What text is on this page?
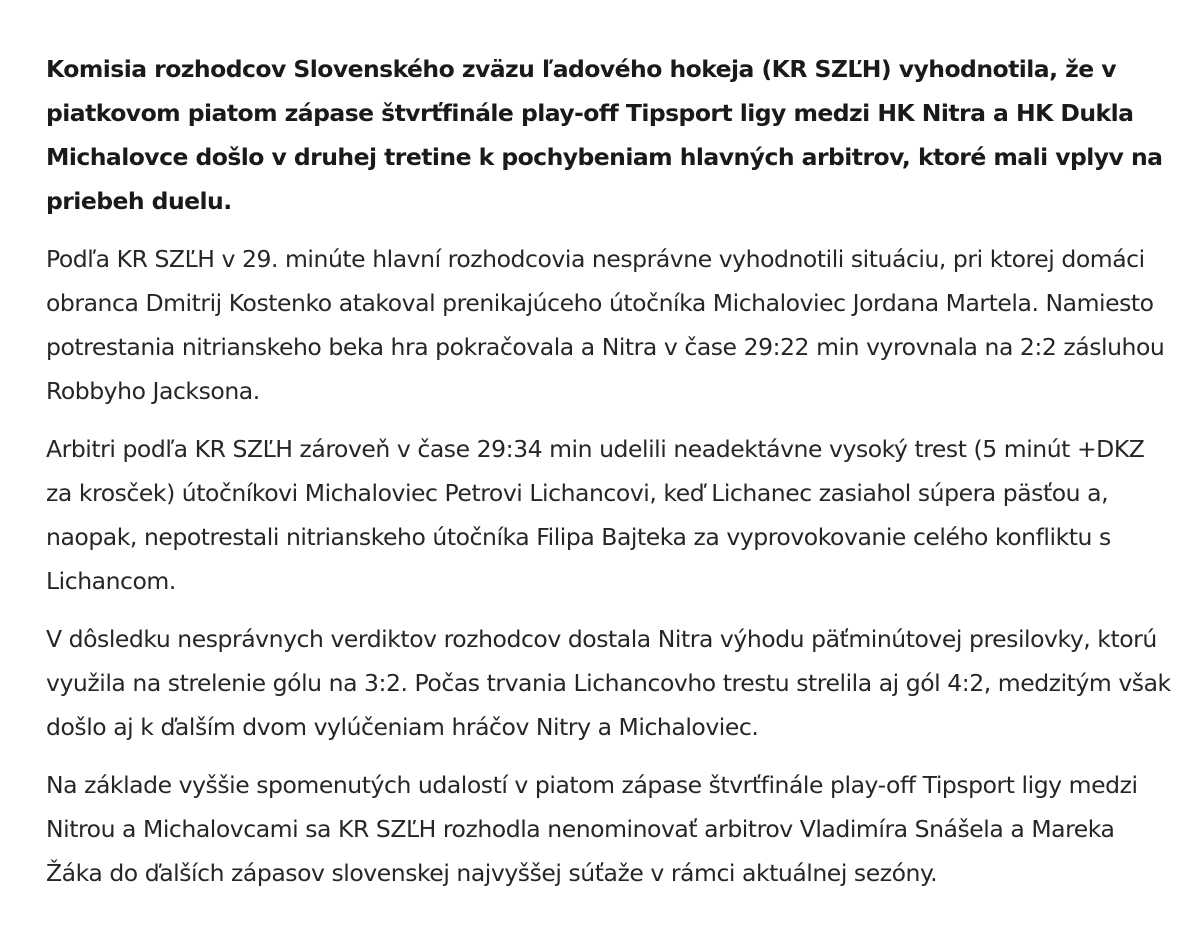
Komisia rozhodcov Slovenského zväzu ľadového hokeja (KR SZĽH) vyhodnotila, že v piatkovom piatom zápase štvrťfinále play-off Tipsport ligy medzi HK Nitra a HK Dukla Michalovce došlo v druhej tretine k pochybeniam hlavných arbitrov, ktoré mali vplyv na priebeh duelu.

Podľa KR SZĽH v 29. minúte hlavní rozhodcovia nesprávne vyhodnotili situáciu, pri ktorej domáci obranca Dmitrij Kostenko atakoval prenikajúceho útočníka Michaloviec Jordana Martela. Namiesto potrestania nitrianskeho beka hra pokračovala a Nitra v čase 29:22 min vyrovnala na 2:2 zásluhou Robbyho Jacksona.

Arbitri podľa KR SZĽH zároveň v čase 29:34 min udelili neadektávne vysoký trest (5 minút +DKZ za krosček) útočníkovi Michaloviec Petrovi Lichancovi, keď Lichanec zasiahol súpera päsťou a, naopak, nepotrestali nitrianskeho útočníka Filipa Bajteka za vyprovokovanie celého konfliktu s Lichancom.

V dôsledku nesprávnych verdiktov rozhodcov dostala Nitra výhodu päťminútovej presilovky, ktorú využila na strelenie gólu na 3:2. Počas trvania Lichancovho trestu strelila aj gól 4:2, medzitým však došlo aj k ďalším dvom vylúčeniam hráčov Nitry a Michaloviec.

Na základe vyššie spomenutých udalostí v piatom zápase štvrťfinále play-off Tipsport ligy medzi Nitrou a Michalovcami sa KR SZĽH rozhodla nenominovať arbitrov Vladimíra Snášela a Mareka Žáka do ďalších zápasov slovenskej najvyššej súťaže v rámci aktuálnej sezóny.
